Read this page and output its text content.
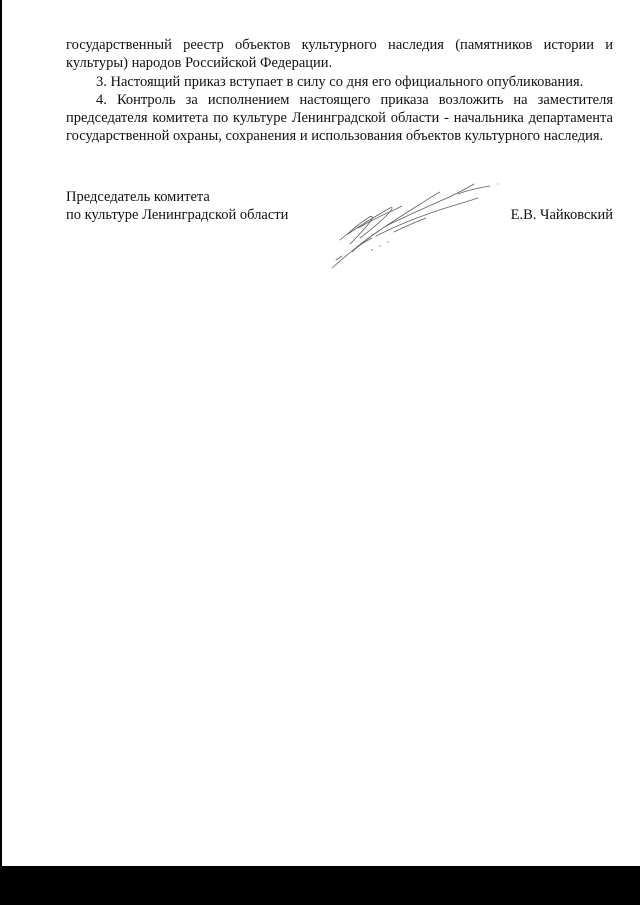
государственный реестр объектов культурного наследия (памятников истории и культуры) народов Российской Федерации.

3. Настоящий приказ вступает в силу со дня его официального опубликования.

4. Контроль за исполнением настоящего приказа возложить на заместителя председателя комитета по культуре Ленинградской области - начальника департамента государственной охраны, сохранения и использования объектов культурного наследия.

Председатель комитета
по культуре Ленинградской области	Е.В. Чайковский
